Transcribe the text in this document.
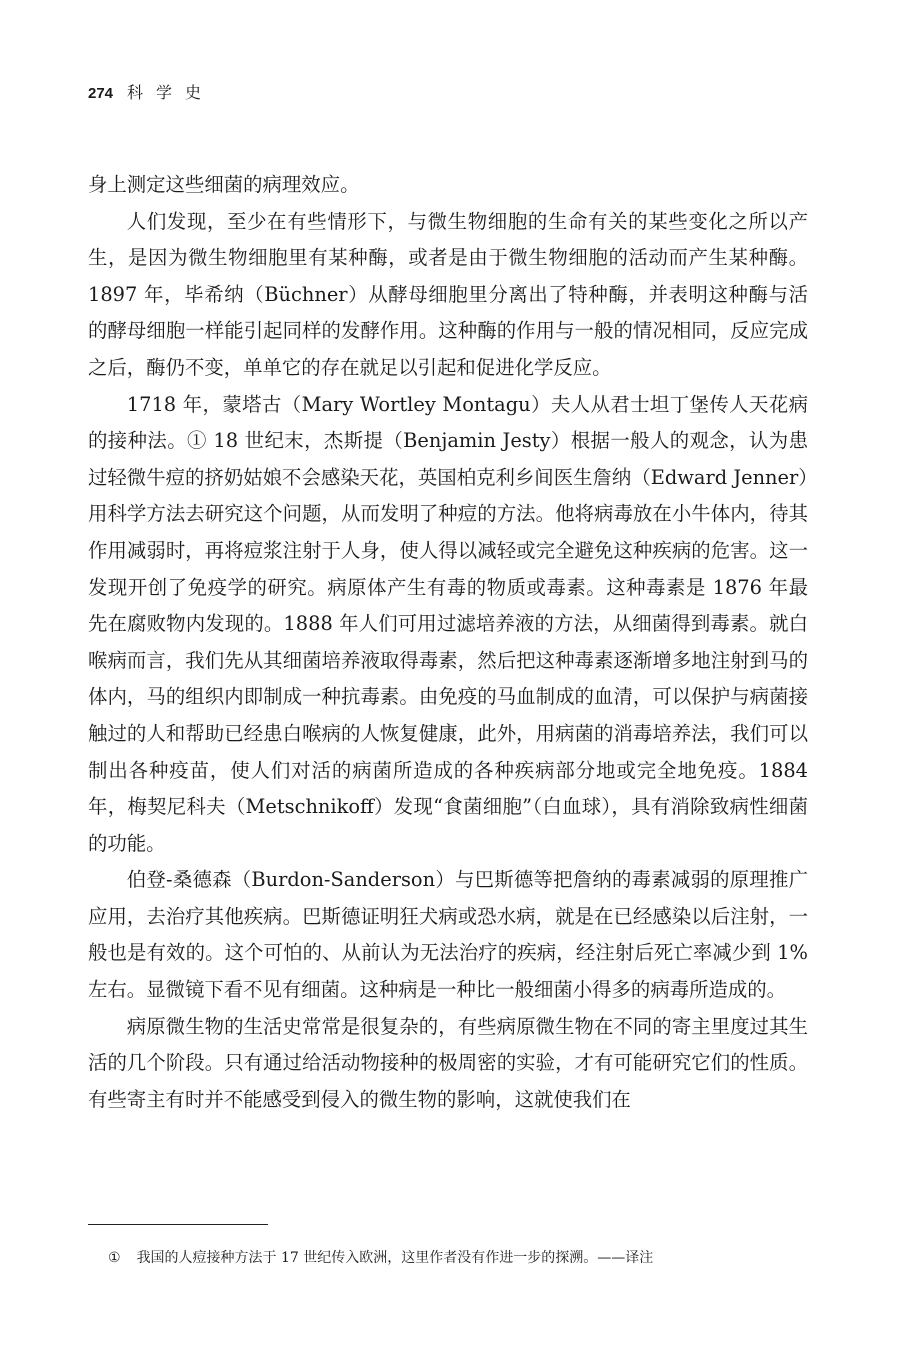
274 科学史

身上测定这些细菌的病理效应。

人们发现，至少在有些情形下，与微生物细胞的生命有关的某些变化之所以产生，是因为微生物细胞里有某种酶，或者是由于微生物细胞的活动而产生某种酶。1897 年，毕希纳（Büchner）从酵母细胞里分离出了特种酶，并表明这种酶与活的酵母细胞一样能引起同样的发酵作用。这种酶的作用与一般的情况相同，反应完成之后，酶仍不变，单单它的存在就足以引起和促进化学反应。

1718 年，蒙塔古（Mary Wortley Montagu）夫人从君士坦丁堡传人天花病的接种法。① 18 世纪末，杰斯提（Benjamin Jesty）根据一般人的观念，认为患过轻微牛痘的挤奶姑娘不会感染天花，英国柏克利乡间医生詹纳（Edward Jenner）用科学方法去研究这个问题，从而发明了种痘的方法。他将病毒放在小牛体内，待其作用减弱时，再将痘浆注射于人身，使人得以减轻或完全避免这种疾病的危害。这一发现开创了免疫学的研究。病原体产生有毒的物质或毒素。这种毒素是 1876 年最先在腐败物内发现的。1888 年人们可用过滤培养液的方法，从细菌得到毒素。就白喉病而言，我们先从其细菌培养液取得毒素，然后把这种毒素逐渐增多地注射到马的体内，马的组织内即制成一种抗毒素。由免疫的马血制成的血清，可以保护与病菌接触过的人和帮助已经患白喉病的人恢复健康，此外，用病菌的消毒培养法，我们可以制出各种疫苗，使人们对活的病菌所造成的各种疾病部分地或完全地免疫。1884 年，梅契尼科夫（Metschnikoff）发现“食菌细胞”（白血球），具有消除致病性细菌的功能。

伯登-桑德森（Burdon-Sanderson）与巴斯德等把詹纳的毒素减弱的原理推广应用，去治疗其他疾病。巴斯德证明狂犬病或恐水病，就是在已经感染以后注射，一般也是有效的。这个可怕的、从前认为无法治疗的疾病，经注射后死亡率减少到 1% 左右。显微镜下看不见有细菌。这种病是一种比一般细菌小得多的病毒所造成的。

病原微生物的生活史常常是很复杂的，有些病原微生物在不同的寄主里度过其生活的几个阶段。只有通过给活动物接种的极周密的实验，才有可能研究它们的性质。有些寄主有时并不能感受到侵入的微生物的影响，这就使我们在

① 我国的人痘接种方法于 17 世纪传入欧洲，这里作者没有作进一步的探溯。——译注
